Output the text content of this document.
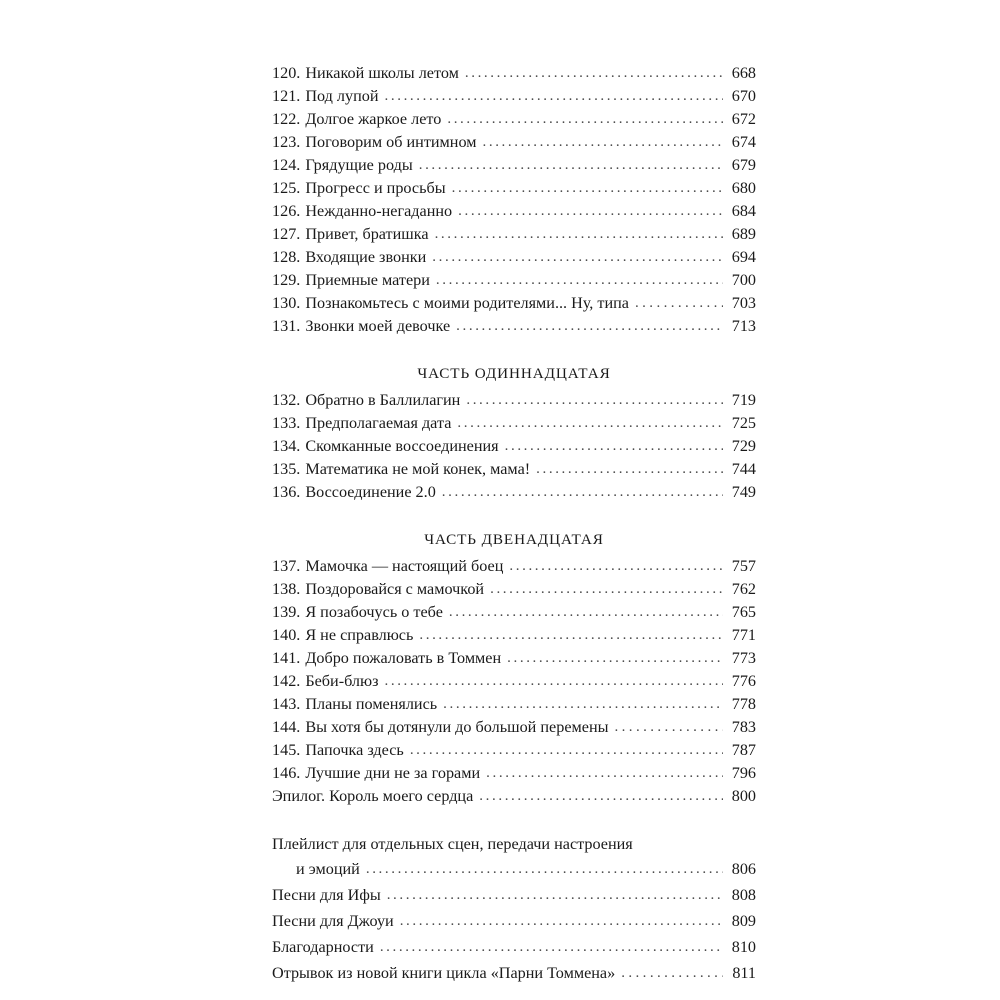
120. Никакой школы летом .....	668
121. Под лупой .....	670
122. Долгое жаркое лето .....	672
123. Поговорим об интимном .....	674
124. Грядущие роды .....	679
125. Прогресс и просьбы .....	680
126. Нежданно-негаданно .....	684
127. Привет, братишка .....	689
128. Входящие звонки .....	694
129. Приемные матери .....	700
130. Познакомьтесь с моими родителями... Ну, типа .....	703
131. Звонки моей девочке .....	713
ЧАСТЬ ОДИННАДЦАТАЯ
132. Обратно в Баллилагин .....	719
133. Предполагаемая дата .....	725
134. Скомканные воссоединения .....	729
135. Математика не мой конек, мама! .....	744
136. Воссоединение 2.0 .....	749
ЧАСТЬ ДВЕНАДЦАТАЯ
137. Мамочка — настоящий боец .....	757
138. Поздоровайся с мамочкой .....	762
139. Я позабочусь о тебе .....	765
140. Я не справлюсь .....	771
141. Добро пожаловать в Томмен .....	773
142. Беби-блюз .....	776
143. Планы поменялись .....	778
144. Вы хотя бы дотянули до большой перемены .....	783
145. Папочка здесь .....	787
146. Лучшие дни не за горами .....	796
Эпилог. Король моего сердца .....	800
Плейлист для отдельных сцен, передачи настроения
и эмоций .....	806
Песни для Ифы .....	808
Песни для Джоуи .....	809
Благодарности .....	810
Отрывок из новой книги цикла «Парни Томмена» .....	811
